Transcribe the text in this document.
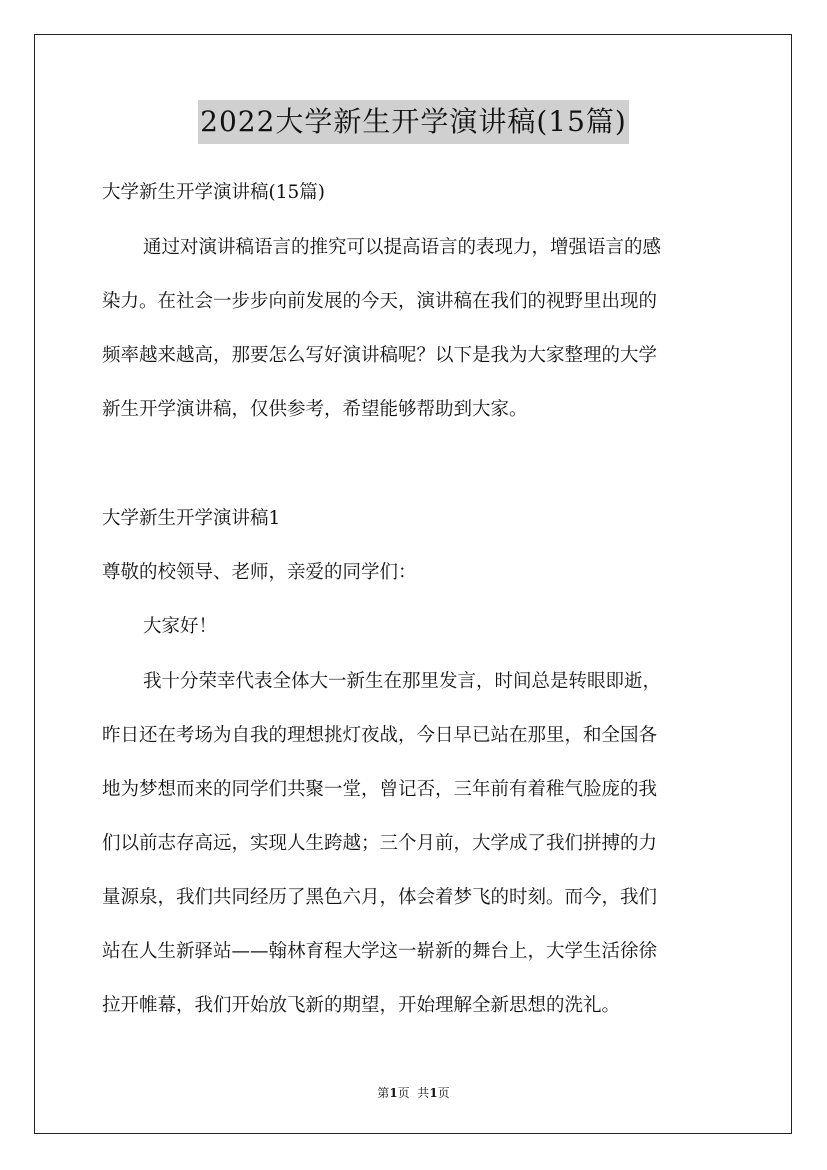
2022大学新生开学演讲稿(15篇)
大学新生开学演讲稿(15篇)
通过对演讲稿语言的推究可以提高语言的表现力，增强语言的感
染力。在社会一步步向前发展的今天，演讲稿在我们的视野里出现的
频率越来越高，那要怎么写好演讲稿呢？以下是我为大家整理的大学
新生开学演讲稿，仅供参考，希望能够帮助到大家。
大学新生开学演讲稿1
尊敬的校领导、老师，亲爱的同学们：
大家好！
我十分荣幸代表全体大一新生在那里发言，时间总是转眼即逝，
昨日还在考场为自我的理想挑灯夜战，今日早已站在那里，和全国各
地为梦想而来的同学们共聚一堂，曾记否，三年前有着稚气脸庞的我
们以前志存高远，实现人生跨越；三个月前，大学成了我们拼搏的力
量源泉，我们共同经历了黑色六月，体会着梦飞的时刻。而今，我们
站在人生新驿站——翰林育程大学这一崭新的舞台上，大学生活徐徐
拉开帷幕，我们开始放飞新的期望，开始理解全新思想的洗礼。
第1页  共1页
